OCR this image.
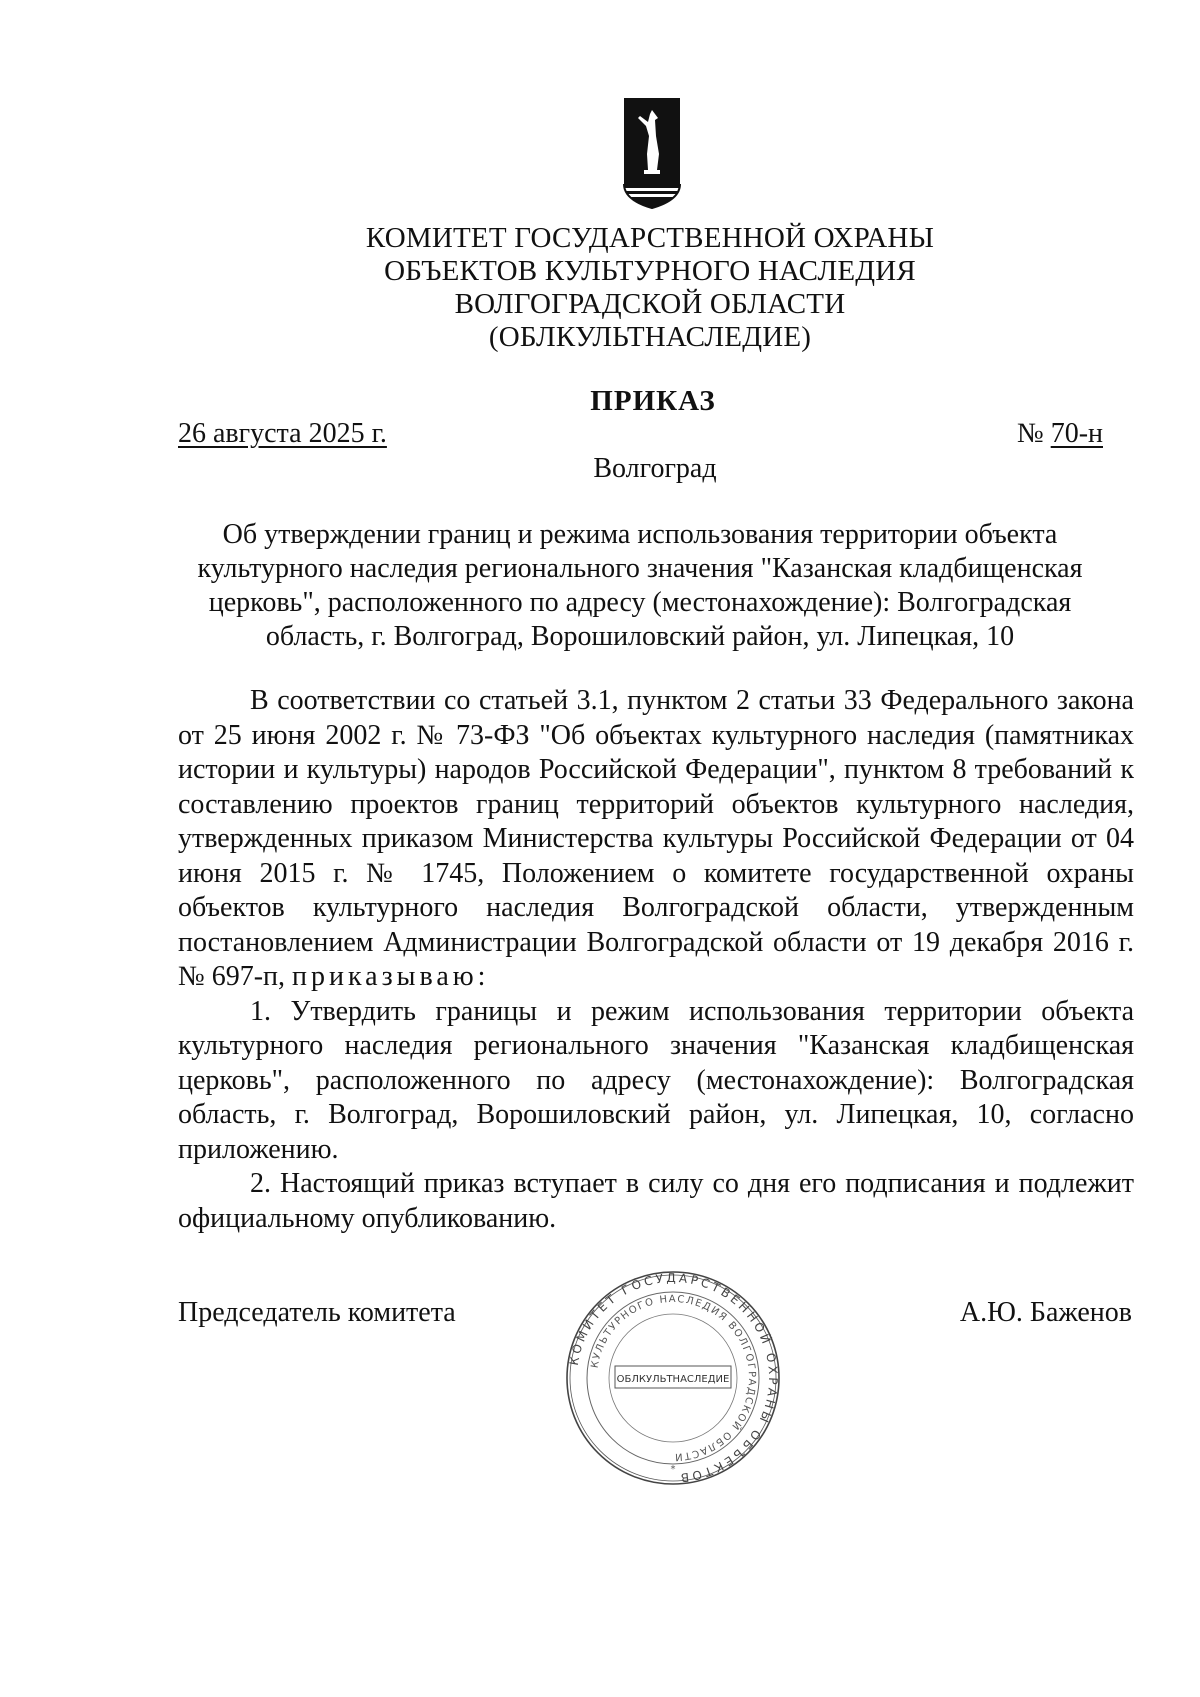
КОМИТЕТ ГОСУДАРСТВЕННОЙ ОХРАНЫ
ОБЪЕКТОВ КУЛЬТУРНОГО НАСЛЕДИЯ
ВОЛГОГРАДСКОЙ ОБЛАСТИ
(ОБЛКУЛЬТНАСЛЕДИЕ)
ПРИКАЗ
26 августа 2025 г.	№ 70-н
Волгоград
Об утверждении границ и режима использования территории объекта
культурного наследия регионального значения "Казанская кладбищенская
церковь", расположенного по адресу (местонахождение): Волгоградская
область, г. Волгоград, Ворошиловский район, ул. Липецкая, 10

В соответствии со статьей 3.1, пунктом 2 статьи 33 Федерального закона от 25 июня 2002 г. № 73-ФЗ "Об объектах культурного наследия (памятниках истории и культуры) народов Российской Федерации", пунктом 8 требований к составлению проектов границ территорий объектов культурного наследия, утвержденных приказом Министерства культуры Российской Федерации от 04 июня 2015 г. № 1745, Положением о комитете государственной охраны объектов культурного наследия Волгоградской области, утвержденным постановлением Администрации Волгоградской области от 19 декабря 2016 г. № 697-п, приказываю:

1. Утвердить границы и режим использования территории объекта культурного наследия регионального значения "Казанская кладбищенская церковь", расположенного по адресу (местонахождение): Волгоградская область, г. Волгоград, Ворошиловский район, ул. Липецкая, 10, согласно приложению.

2. Настоящий приказ вступает в силу со дня его подписания и подлежит официальному опубликованию.

Председатель комитета	А.Ю. Баженов
КОМИТЕТ ГОСУДАРСТВЕННОЙ ОХРАНЫ ОБЪЕКТОВ
КУЛЬТУРНОГО НАСЛЕДИЯ ВОЛГОГРАДСКОЙ ОБЛАСТИ
ОБЛКУЛЬТНАСЛЕДИЕ
*
